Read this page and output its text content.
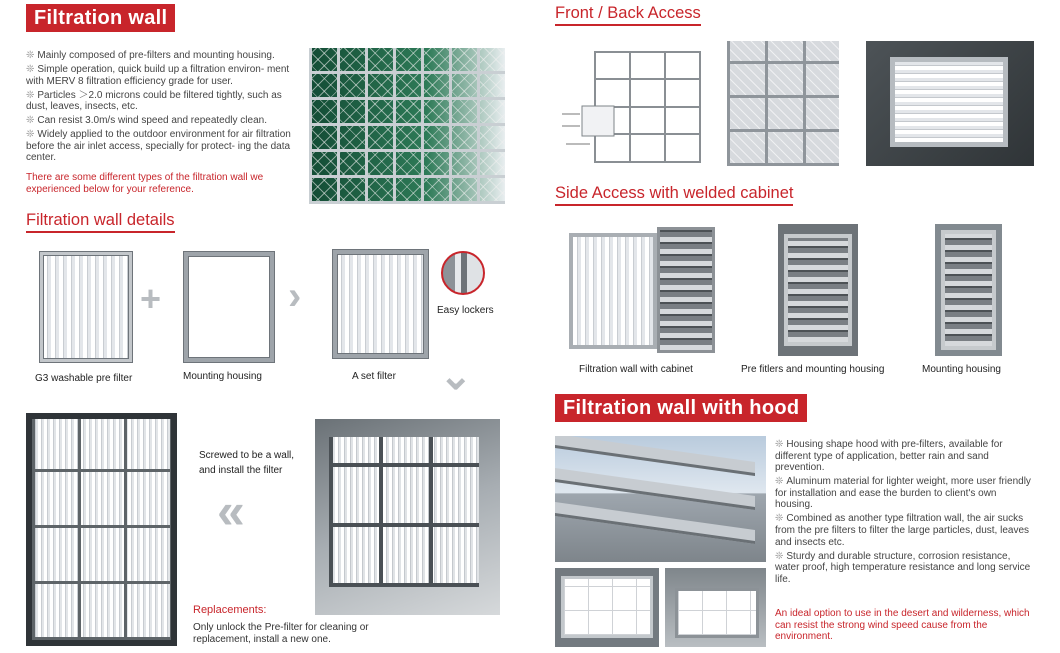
Filtration wall

❊ Mainly composed of pre-filters and mounting housing.

❊ Simple operation, quick build up a filtration environ- ment with MERV 8 filtration efficiency grade for user.

❊ Particles ＞2.0 microns could be filtered tightly, such as dust, leaves, insects, etc.

❊ Can resist 3.0m/s wind speed and repeatedly clean.

❊ Widely applied to the outdoor environment for air filtration before the air inlet access, specially for protect- ing the data center.

There are some different types of the filtration wall we experienced below for your reference.
Filtration wall details
+	›
G3 washable pre filter	Mounting housing	A set filter
Easy lockers
⌄
Screwed to be a wall,
and install the filter
«
Replacements:
Only unlock the Pre-filter for cleaning or replacement, install a new one.
Front / Back Access
Side Access with welded cabinet
Filtration wall with cabinet	Pre fitlers and mounting housing	Mounting housing
Filtration wall with hood

❊ Housing shape hood with pre-filters, available for different type of application, better rain and sand prevention.

❊ Aluminum material for lighter weight, more user friendly for installation and ease the burden to client's own housing.

❊ Combined as another type filtration wall, the air sucks from the pre filters to filter the large particles, dust, leaves and insects etc.

❊ Sturdy and durable structure, corrosion resistance, water proof, high temperature resistance and long service life.

An ideal option to use in the desert and wilderness, which can resist the strong wind speed cause from the environment.
